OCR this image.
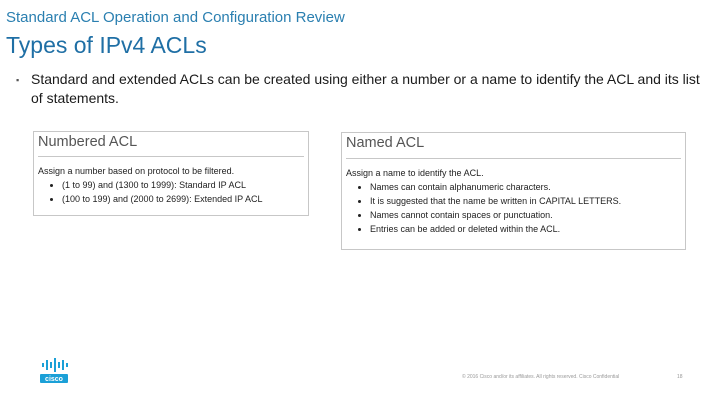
Standard ACL Operation and Configuration Review
Types of IPv4 ACLs
▪ Standard and extended ACLs can be created using either a number or a name to identify the ACL and its list of statements.
Numbered ACL
Assign a number based on protocol to be filtered.
• (1 to 99) and (1300 to 1999): Standard IP ACL
• (100 to 199) and (2000 to 2699): Extended IP ACL
Named ACL
Assign a name to identify the ACL.
• Names can contain alphanumeric characters.
• It is suggested that the name be written in CAPITAL LETTERS.
• Names cannot contain spaces or punctuation.
• Entries can be added or deleted within the ACL.
cisco	© 2016 Cisco and/or its affiliates. All rights reserved. Cisco Confidential	18
